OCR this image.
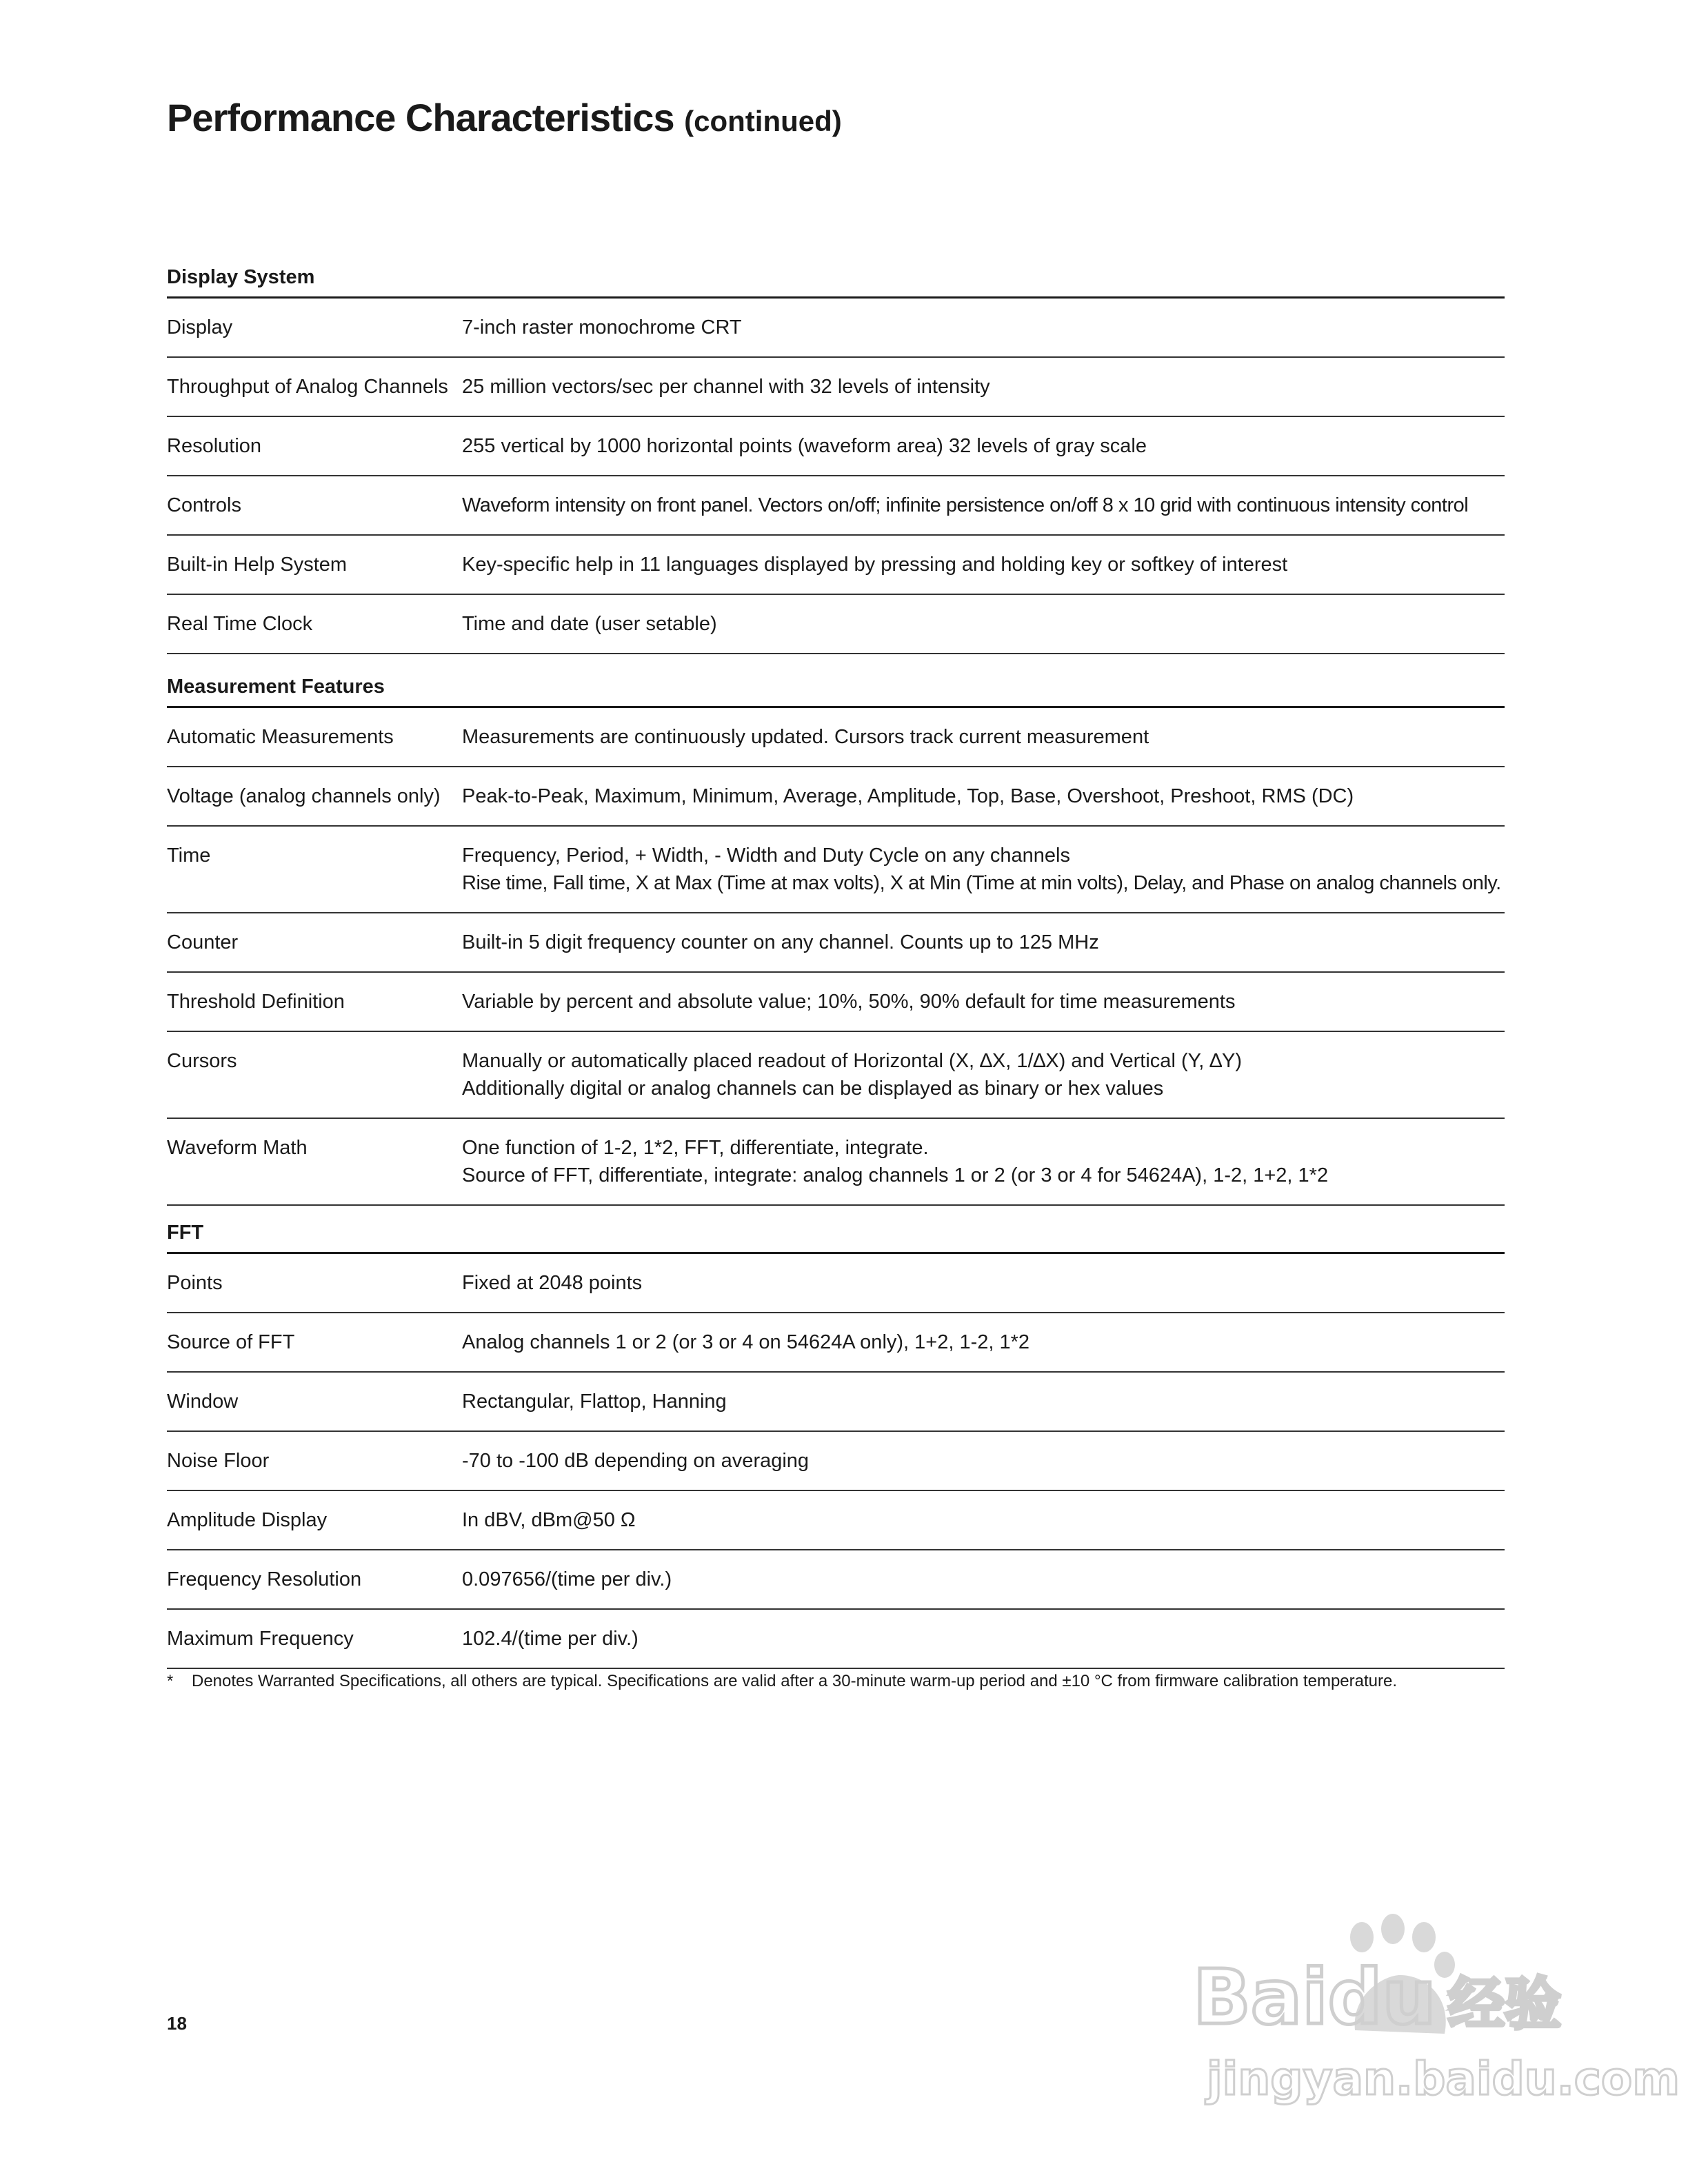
Performance Characteristics (continued)
Display System
Display	7-inch raster monochrome CRT
Throughput of Analog Channels 25 million vectors/sec per channel with 32 levels of intensity
Resolution	255 vertical by 1000 horizontal points (waveform area) 32 levels of gray scale
Controls	Waveform intensity on front panel. Vectors on/off; infinite persistence on/off 8 x 10 grid with continuous intensity control
Built-in Help System	Key-specific help in 11 languages displayed by pressing and holding key or softkey of interest
Real Time Clock	Time and date (user setable)
Measurement Features
Automatic Measurements	Measurements are continuously updated. Cursors track current measurement
Voltage (analog channels only)	Peak-to-Peak, Maximum, Minimum, Average, Amplitude, Top, Base, Overshoot, Preshoot, RMS (DC)
Time	Frequency, Period, + Width, - Width and Duty Cycle on any channels
Rise time, Fall time, X at Max (Time at max volts), X at Min (Time at min volts), Delay, and Phase on analog channels only.
Counter	Built-in 5 digit frequency counter on any channel. Counts up to 125 MHz
Threshold Definition	Variable by percent and absolute value; 10%, 50%, 90% default for time measurements
Cursors	Manually or automatically placed readout of Horizontal (X, ∆X, 1/∆X) and Vertical (Y, ∆Y)
Additionally digital or analog channels can be displayed as binary or hex values
Waveform Math	One function of 1-2, 1*2, FFT, differentiate, integrate.
Source of FFT, differentiate, integrate: analog channels 1 or 2 (or 3 or 4 for 54624A), 1-2, 1+2, 1*2
FFT
Points	Fixed at 2048 points
Source of FFT	Analog channels 1 or 2 (or 3 or 4 on 54624A only), 1+2, 1-2, 1*2
Window	Rectangular, Flattop, Hanning
Noise Floor	-70 to -100 dB depending on averaging
Amplitude Display	In dBV, dBm@50 Ω
Frequency Resolution	0.097656/(time per div.)
Maximum Frequency	102.4/(time per div.)
* Denotes Warranted Specifications, all others are typical. Specifications are valid after a 30-minute warm-up period and ±10 °C from firmware calibration temperature.
18	Baidu 经验
jingyan.baidu.com
